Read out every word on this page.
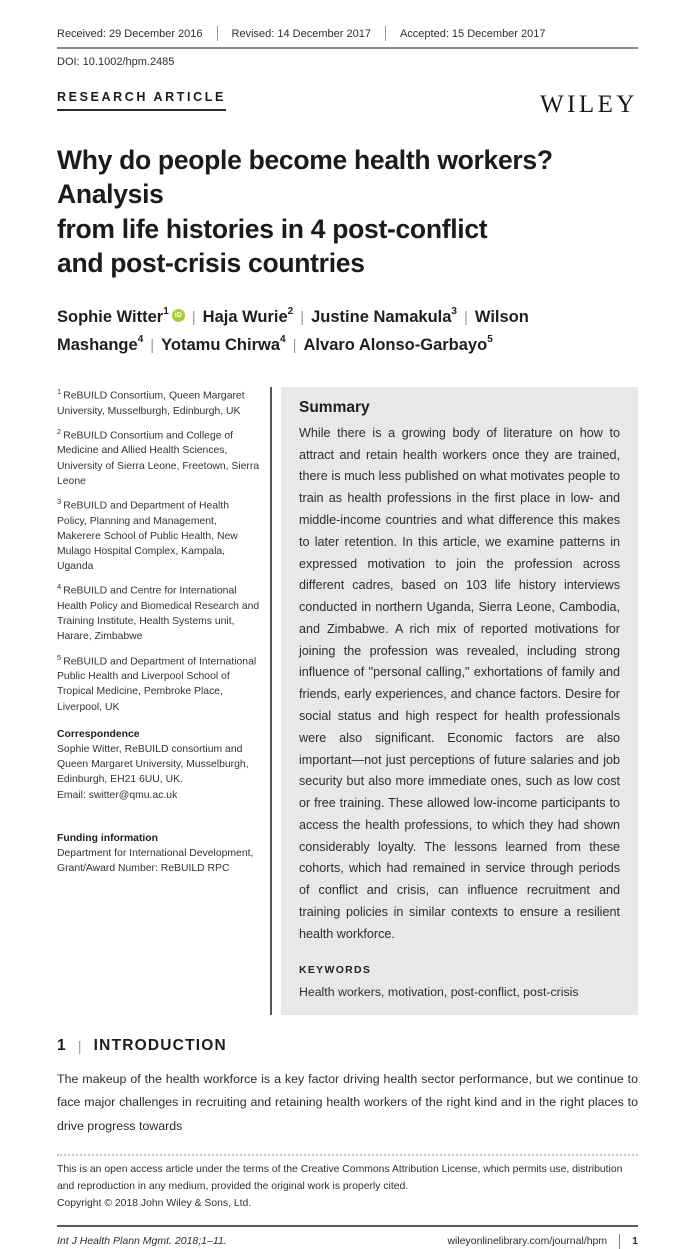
Received: 29 December 2016	Revised: 14 December 2017	Accepted: 15 December 2017
DOI: 10.1002/hpm.2485
RESEARCH ARTICLE	WILEY
Why do people become health workers? Analysis
from life histories in 4 post-conflict
and post-crisis countries
Sophie Witter$^1$ iD | Haja Wurie$^2$ | Justine Namakula$^3$ | Wilson Mashange$^4$ | Yotamu Chirwa$^4$ | Alvaro Alonso-Garbayo$^5$

$^1$ ReBUILD Consortium, Queen Margaret University, Musselburgh, Edinburgh, UK

$^2$ ReBUILD Consortium and College of Medicine and Allied Health Sciences, University of Sierra Leone, Freetown, Sierra Leone

$^3$ ReBUILD and Department of Health Policy, Planning and Management, Makerere School of Public Health, New Mulago Hospital Complex, Kampala, Uganda

$^4$ ReBUILD and Centre for International Health Policy and Biomedical Research and Training Institute, Health Systems unit, Harare, Zimbabwe

$^5$ ReBUILD and Department of International Public Health and Liverpool School of Tropical Medicine, Pembroke Place, Liverpool, UK

Correspondence

Sophie Witter, ReBUILD consortium and Queen Margaret University, Musselburgh, Edinburgh, EH21 6UU, UK.

Email: switter@qmu.ac.uk

Funding information

Department for International Development, Grant/Award Number: ReBUILD RPC

Summary

While there is a growing body of literature on how to attract and retain health workers once they are trained, there is much less published on what motivates people to train as health professions in the first place in low- and middle-income countries and what difference this makes to later retention. In this article, we examine patterns in expressed motivation to join the profession across different cadres, based on 103 life history interviews conducted in northern Uganda, Sierra Leone, Cambodia, and Zimbabwe. A rich mix of reported motivations for joining the profession was revealed, including strong influence of "personal calling," exhortations of family and friends, early experiences, and chance factors. Desire for social status and high respect for health professionals were also significant. Economic factors are also important—not just perceptions of future salaries and job security but also more immediate ones, such as low cost or free training. These allowed low-income participants to access the health professions, to which they had shown considerably loyalty. The lessons learned from these cohorts, which had remained in service through periods of conflict and crisis, can influence recruitment and training policies in similar contexts to ensure a resilient health workforce.

KEYWORDS
Health workers, motivation, post-conflict, post-crisis
1 | INTRODUCTION

The makeup of the health workforce is a key factor driving health sector performance, but we continue to face major challenges in recruiting and retaining health workers of the right kind and in the right places to drive progress towards

This is an open access article under the terms of the Creative Commons Attribution License, which permits use, distribution and reproduction in any medium, provided the original work is properly cited.

Copyright © 2018 John Wiley & Sons, Ltd.

Int J Health Plann Mgmt. 2018;1–11.	wileyonlinelibrary.com/journal/hpm 1
